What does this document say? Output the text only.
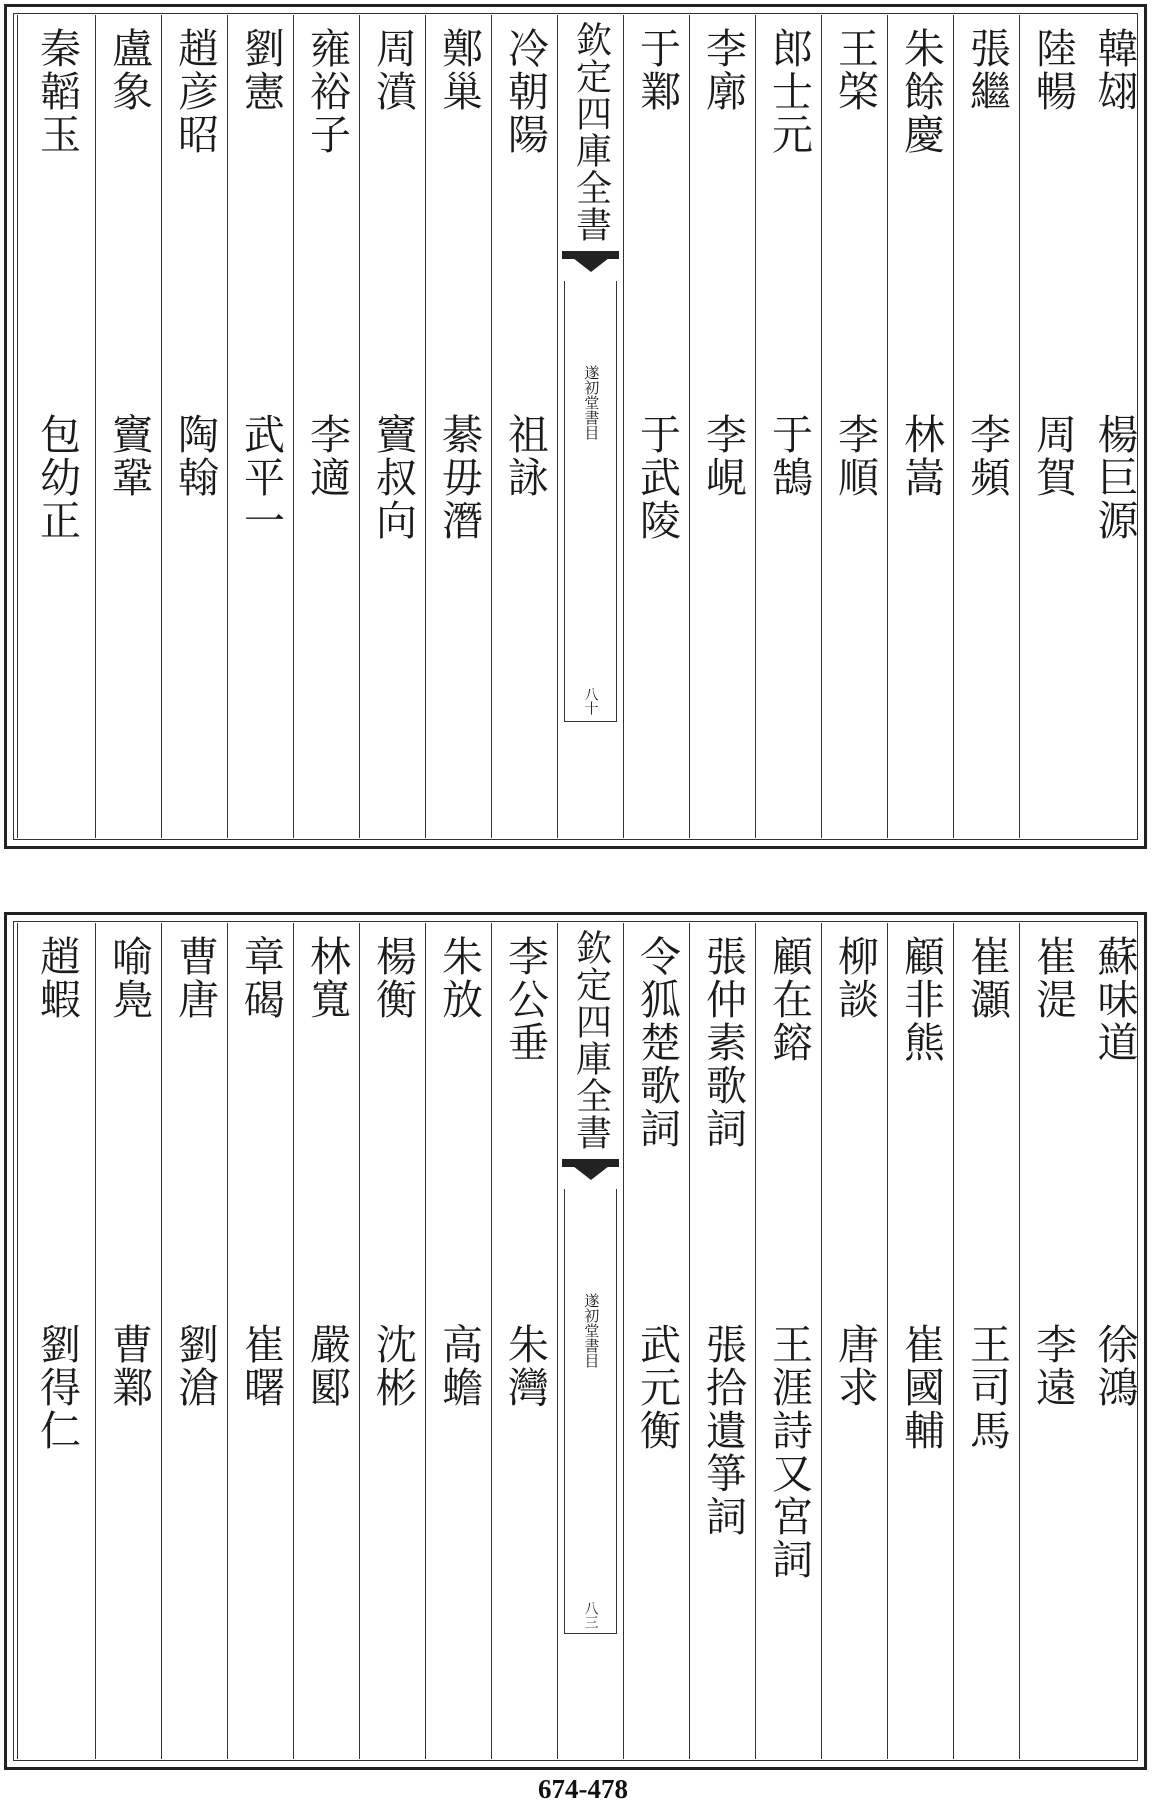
韓翃
楊巨源
陸暢
周賀
張繼
李頻
朱餘慶
林嵩
王棨
李順
郎士元
于鵠
李廓
李峴
于鄴
于武陵
欽定四庫全書
遂初堂書目
八十
冷朝陽
祖詠
鄭巢
綦毋潛
周濆
竇叔向
雍裕子
李適
劉憲
武平一
趙彦昭
陶翰
盧象
竇鞏
秦韜玉
包幼正
蘇味道
徐鴻
崔湜
李遠
崔灝
王司馬
顧非熊
崔國輔
柳談
唐求
顧在鎔
王涯詩又宮詞
張仲素歌詞
張拾遺箏詞
令狐楚歌詞
武元衡
欽定四庫全書
遂初堂書目
八三
李公垂
朱灣
朱放
高蟾
楊衡
沈彬
林寬
嚴郾
章碣
崔曙
曹唐
劉滄
喻鳧
曹鄴
趙蝦
劉得仁
674-478
